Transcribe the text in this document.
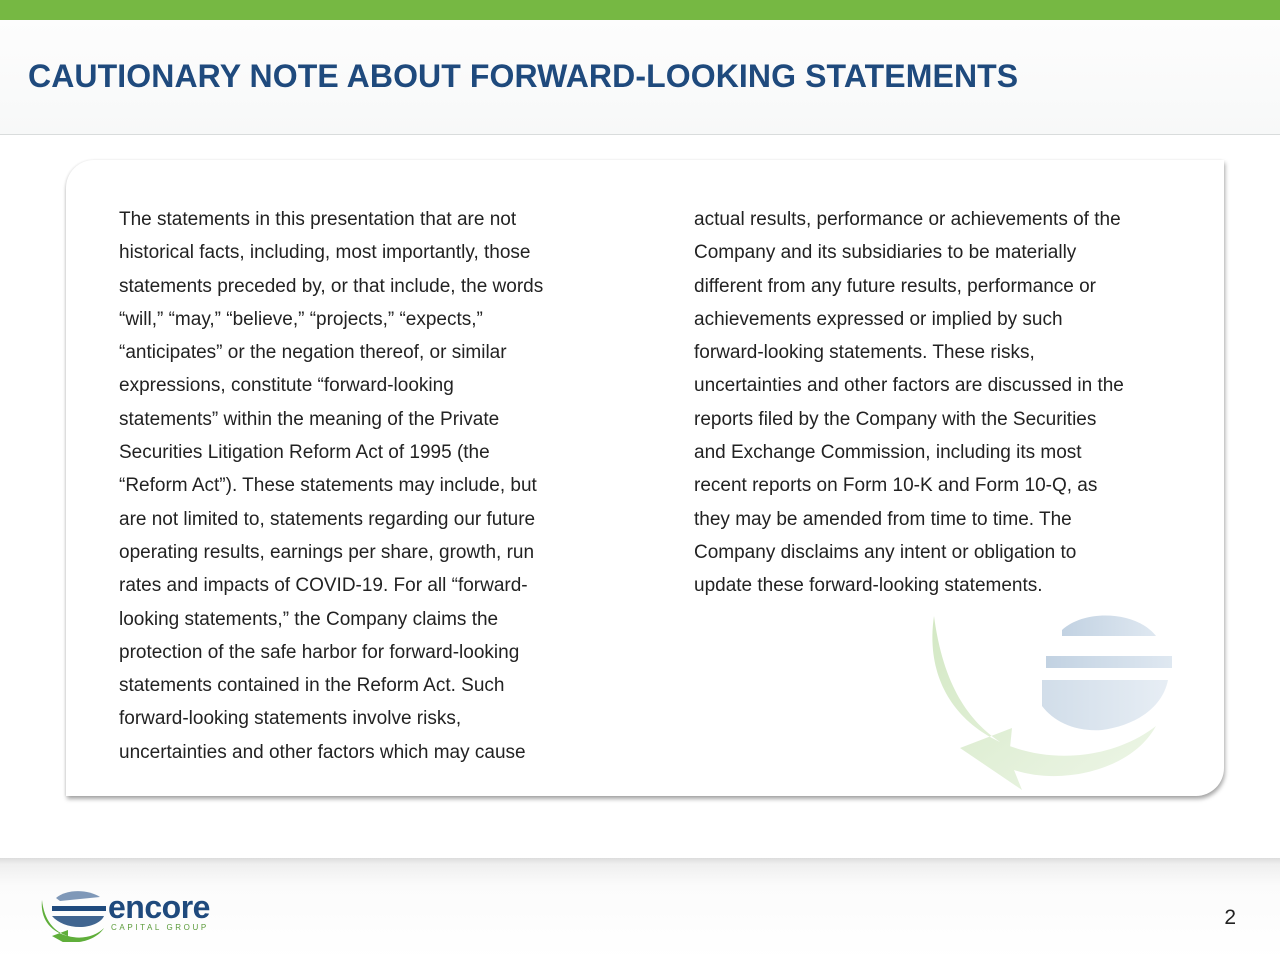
CAUTIONARY NOTE ABOUT FORWARD-LOOKING STATEMENTS
The statements in this presentation that are not
historical facts, including, most importantly, those
statements preceded by, or that include, the words
“will,” “may,” “believe,” “projects,” “expects,”
“anticipates” or the negation thereof, or similar
expressions, constitute “forward-looking
statements” within the meaning of the Private
Securities Litigation Reform Act of 1995 (the
“Reform Act”). These statements may include, but
are not limited to, statements regarding our future
operating results, earnings per share, growth, run
rates and impacts of COVID-19. For all “forward-
looking statements,” the Company claims the
protection of the safe harbor for forward-looking
statements contained in the Reform Act. Such
forward-looking statements involve risks,
uncertainties and other factors which may cause
actual results, performance or achievements of the
Company and its subsidiaries to be materially
different from any future results, performance or
achievements expressed or implied by such
forward-looking statements. These risks,
uncertainties and other factors are discussed in the
reports filed by the Company with the Securities
and Exchange Commission, including its most
recent reports on Form 10-K and Form 10-Q, as
they may be amended from time to time. The
Company disclaims any intent or obligation to
update these forward-looking statements.
encore
CAPITAL GROUP	2
